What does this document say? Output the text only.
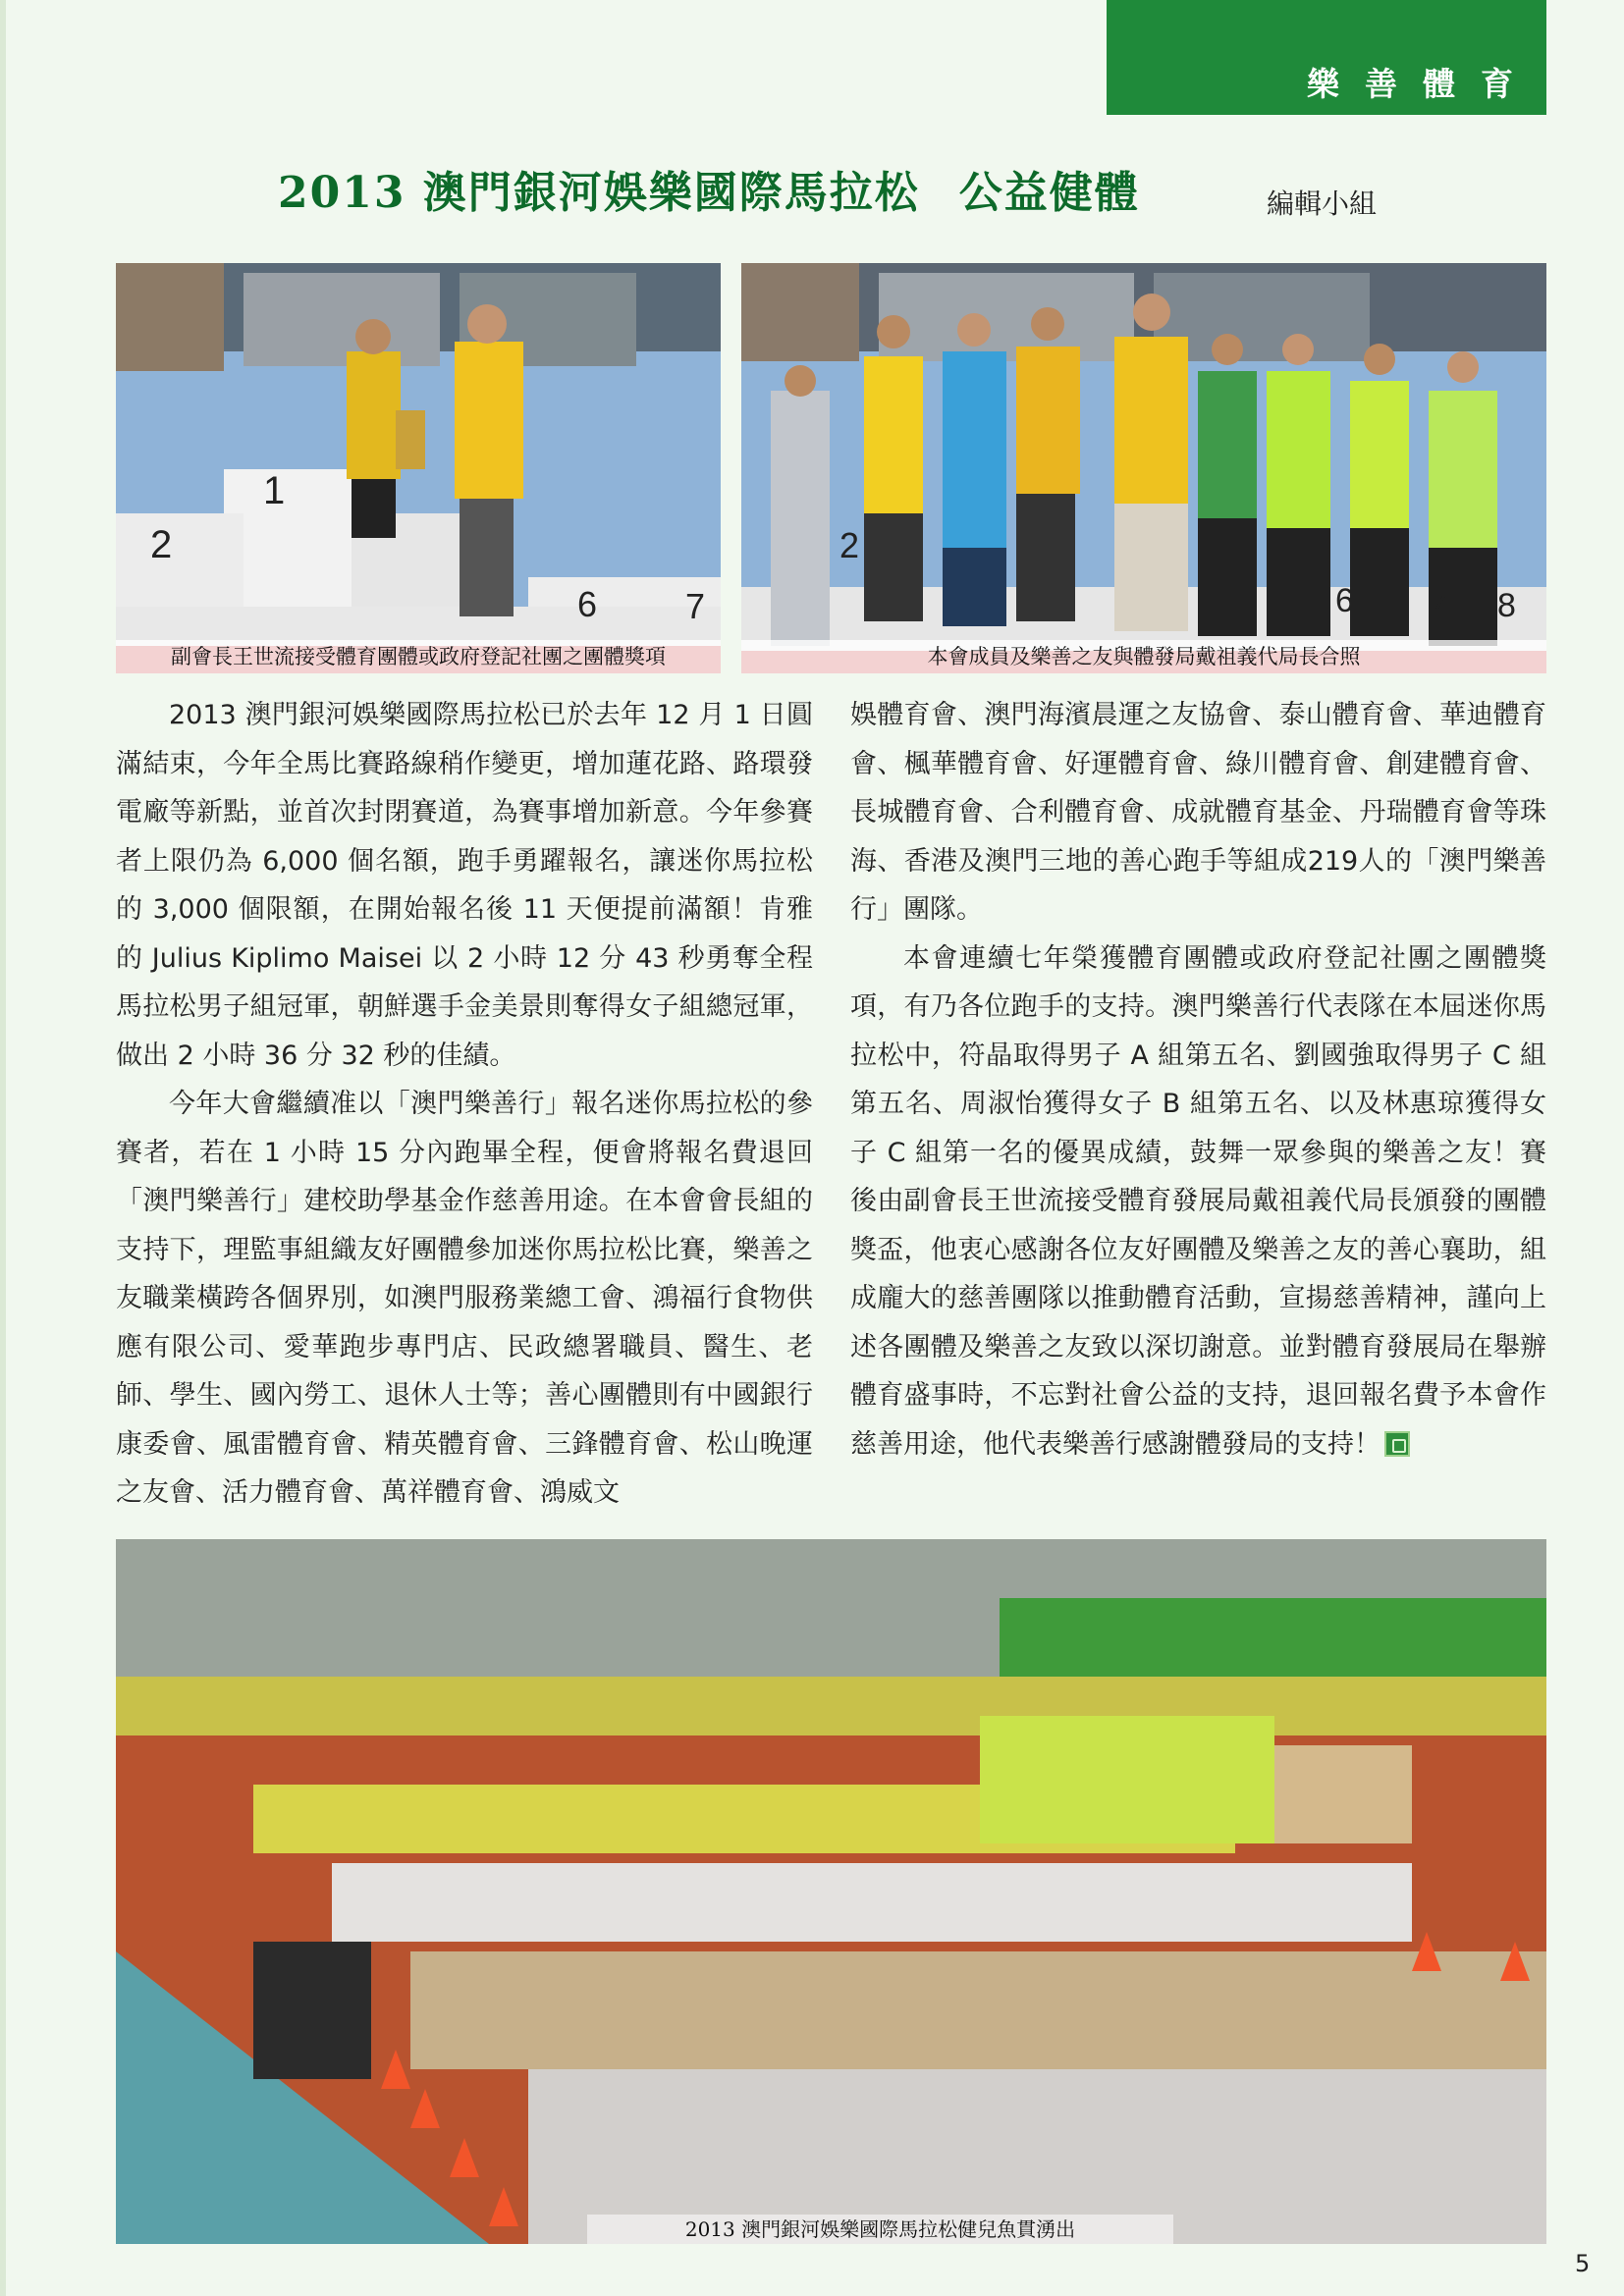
樂善體育
2013 澳門銀河娛樂國際馬拉松 公益健體	編輯小組
1
2
6 7
副會長王世流接受體育團體或政府登記社團之團體獎項
2
6 7 8
本會成員及樂善之友與體發局戴祖義代局長合照

2013 澳門銀河娛樂國際馬拉松已於去年 12 月 1 日圓滿結束，今年全馬比賽路線稍作變更，增加蓮花路、路環發電廠等新點，並首次封閉賽道，為賽事增加新意。今年參賽者上限仍為 6,000 個名額，跑手勇躍報名，讓迷你馬拉松的 3,000 個限額，在開始報名後 11 天便提前滿額！肯雅的 Julius Kiplimo Maisei 以 2 小時 12 分 43 秒勇奪全程馬拉松男子組冠軍，朝鮮選手金美景則奪得女子組總冠軍，做出 2 小時 36 分 32 秒的佳績。

今年大會繼續准以「澳門樂善行」報名迷你馬拉松的參賽者，若在 1 小時 15 分內跑畢全程，便會將報名費退回「澳門樂善行」建校助學基金作慈善用途。在本會會長組的支持下，理監事組織友好團體參加迷你馬拉松比賽，樂善之友職業橫跨各個界別，如澳門服務業總工會、鴻福行食物供應有限公司、愛華跑步專門店、民政總署職員、醫生、老師、學生、國內勞工、退休人士等；善心團體則有中國銀行康委會、風雷體育會、精英體育會、三鋒體育會、松山晚運之友會、活力體育會、萬祥體育會、鴻威文

娛體育會、澳門海濱晨運之友協會、泰山體育會、華迪體育會、楓華體育會、好運體育會、綠川體育會、創建體育會、長城體育會、合利體育會、成就體育基金、丹瑞體育會等珠海、香港及澳門三地的善心跑手等組成219人的「澳門樂善行」團隊。

本會連續七年榮獲體育團體或政府登記社團之團體獎項，有乃各位跑手的支持。澳門樂善行代表隊在本屆迷你馬拉松中，符晶取得男子 A 組第五名、劉國強取得男子 C 組第五名、周淑怡獲得女子 B 組第五名、以及林惠琼獲得女子 C 組第一名的優異成績，鼓舞一眾參與的樂善之友！賽後由副會長王世流接受體育發展局戴祖義代局長頒發的團體獎盃，他衷心感謝各位友好團體及樂善之友的善心襄助，組成龐大的慈善團隊以推動體育活動，宣揚慈善精神，謹向上述各團體及樂善之友致以深切謝意。並對體育發展局在舉辦體育盛事時，不忘對社會公益的支持，退回報名費予本會作慈善用途，他代表樂善行感謝體發局的支持！

2013 澳門銀河娛樂國際馬拉松健兒魚貫湧出
5
